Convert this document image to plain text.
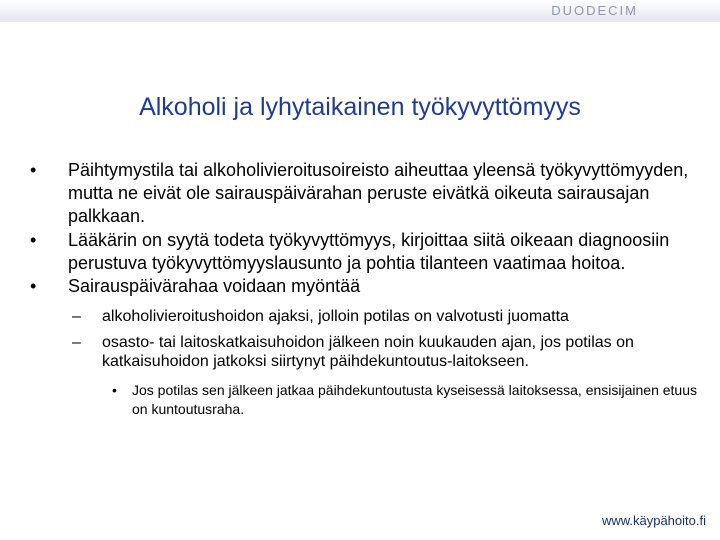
DUODECIM
Alkoholi ja lyhytaikainen työkyvyttömyys
• Päihtymystila tai alkoholivieroitusoireisto aiheuttaa yleensä työkyvyttömyyden, mutta ne eivät ole sairauspäivärahan peruste eivätkä oikeuta sairausajan palkkaan.
• Lääkärin on syytä todeta työkyvyttömyys, kirjoittaa siitä oikeaan diagnoosiin perustuva työkyvyttömyyslausunto ja pohtia tilanteen vaatimaa hoitoa.
• Sairauspäivärahaa voidaan myöntää
– alkoholivieroitushoidon ajaksi, jolloin potilas on valvotusti juomatta
– osasto- tai laitoskatkaisuhoidon jälkeen noin kuukauden ajan, jos potilas on katkaisuhoidon jatkoksi siirtynyt päihdekuntoutus-laitokseen.
• Jos potilas sen jälkeen jatkaa päihdekuntoutusta kyseisessä laitoksessa, ensisijainen etuus on kuntoutusraha.
www.käypähoito.fi
